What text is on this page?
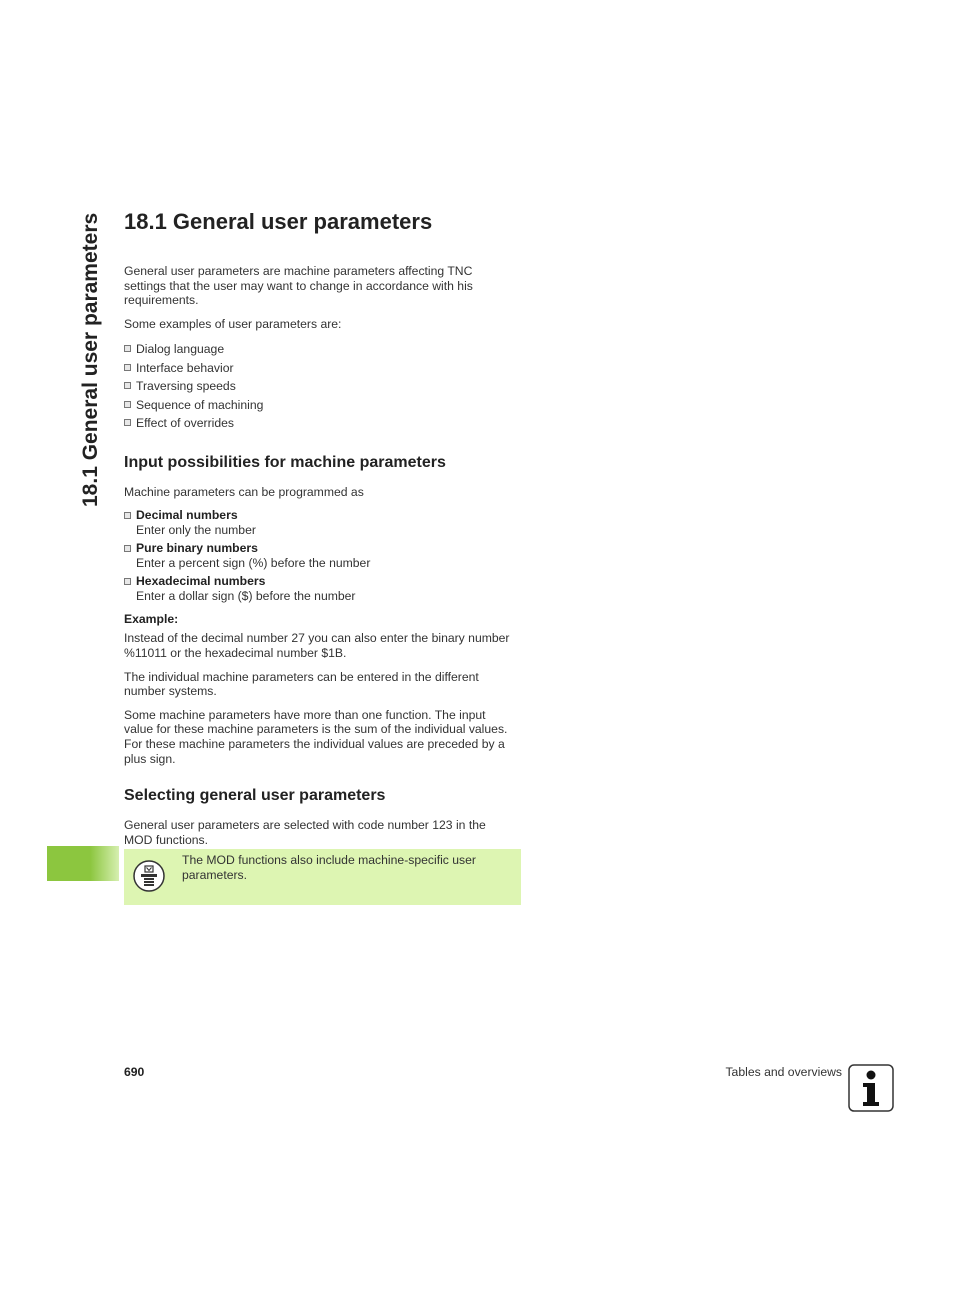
18.1 General user parameters 18.1 General user parameters

General user parameters are machine parameters affecting TNC settings that the user may want to change in accordance with his requirements.

Some examples of user parameters are:

Dialog language
Interface behavior
Traversing speeds
Sequence of machining
Effect of overrides
Input possibilities for machine parameters

Machine parameters can be programmed as

Decimal numbers
Enter only the number
Pure binary numbers
Enter a percent sign (%) before the number
Hexadecimal numbers
Enter a dollar sign ($) before the number
Example:

Instead of the decimal number 27 you can also enter the binary number %11011 or the hexadecimal number $1B.

The individual machine parameters can be entered in the different number systems.

Some machine parameters have more than one function. The input value for these machine parameters is the sum of the individual values. For these machine parameters the individual values are preceded by a plus sign.

Selecting general user parameters

General user parameters are selected with code number 123 in the MOD functions.

The MOD functions also include machine-specific user parameters.
690	Tables and overviews
